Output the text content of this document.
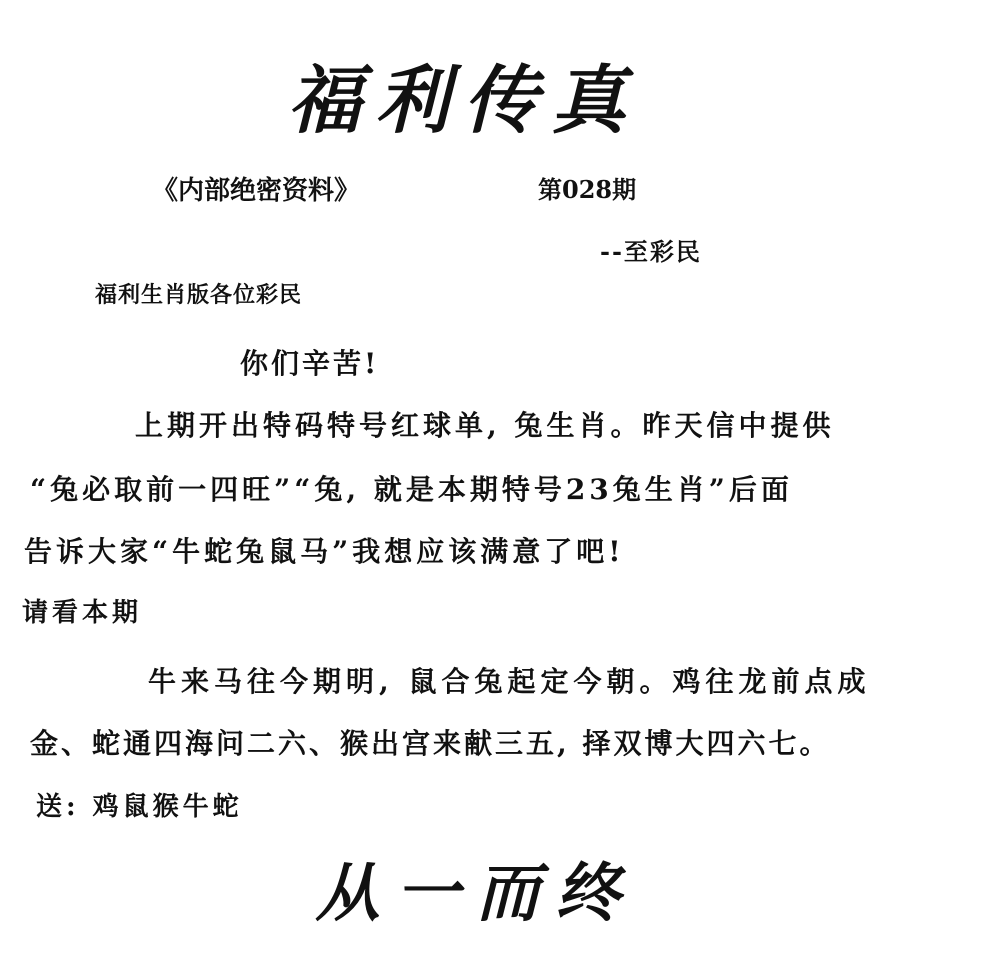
福利传真
《内部绝密资料》	第028期
--至彩民
福利生肖版各位彩民
你们辛苦!
上期开出特码特号红球单, 兔生肖。昨天信中提供
“兔必取前一四旺”“兔, 就是本期特号23兔生肖”后面
告诉大家“牛蛇兔鼠马”我想应该满意了吧!
请看本期
牛来马往今期明, 鼠合兔起定今朝。鸡往龙前点成
金、蛇通四海问二六、猴出宫来献三五, 择双博大四六七。
送: 鸡鼠猴牛蛇
从一而终
